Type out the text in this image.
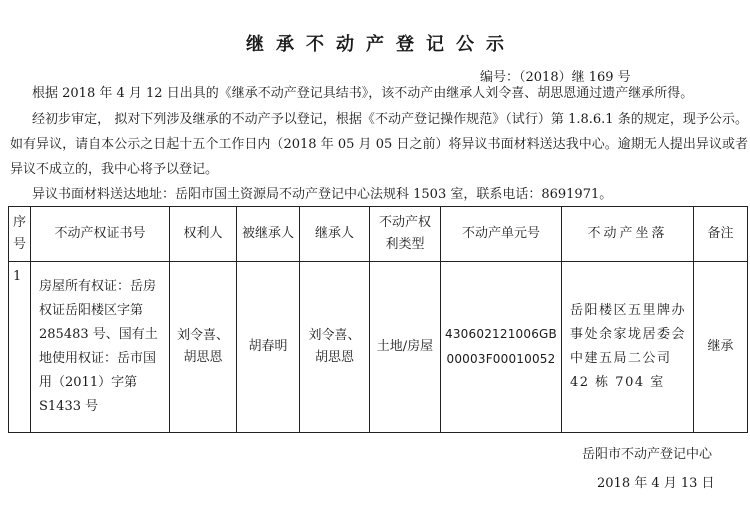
继承不动产登记公示
编号：（2018）继 169 号
根据 2018 年 4 月 12 日出具的《继承不动产登记具结书》，该不动产由继承人刘令喜、胡思恩通过遗产继承所得。
经初步审定， 拟对下列涉及继承的不动产予以登记，根据《不动产登记操作规范》（试行）第 1.8.6.1 条的规定，现予公示。如有异议，请自本公示之日起十五个工作日内（2018 年 05 月 05 日之前）将异议书面材料送达我中心。逾期无人提出异议或者异议不成立的，我中心将予以登记。
异议书面材料送达地址：岳阳市国土资源局不动产登记中心法规科 1503 室，联系电话：8691971。
序号	不动产权证书号	权利人	被继承人	继承人	不动产权利类型	不动产单元号	不动产坐落	备注
1	房屋所有权证：岳房权证岳阳楼区字第 285483 号、国有土地使用权证：岳市国用（2011）字第 S1433 号	刘令喜、胡思恩	胡春明	刘令喜、胡思恩	土地/房屋	430602121006GB00003F00010052	岳阳楼区五里牌办事处余家垅居委会中建五局二公司 42 栋 704 室	继承
岳阳市不动产登记中心
2018 年 4 月 13 日
